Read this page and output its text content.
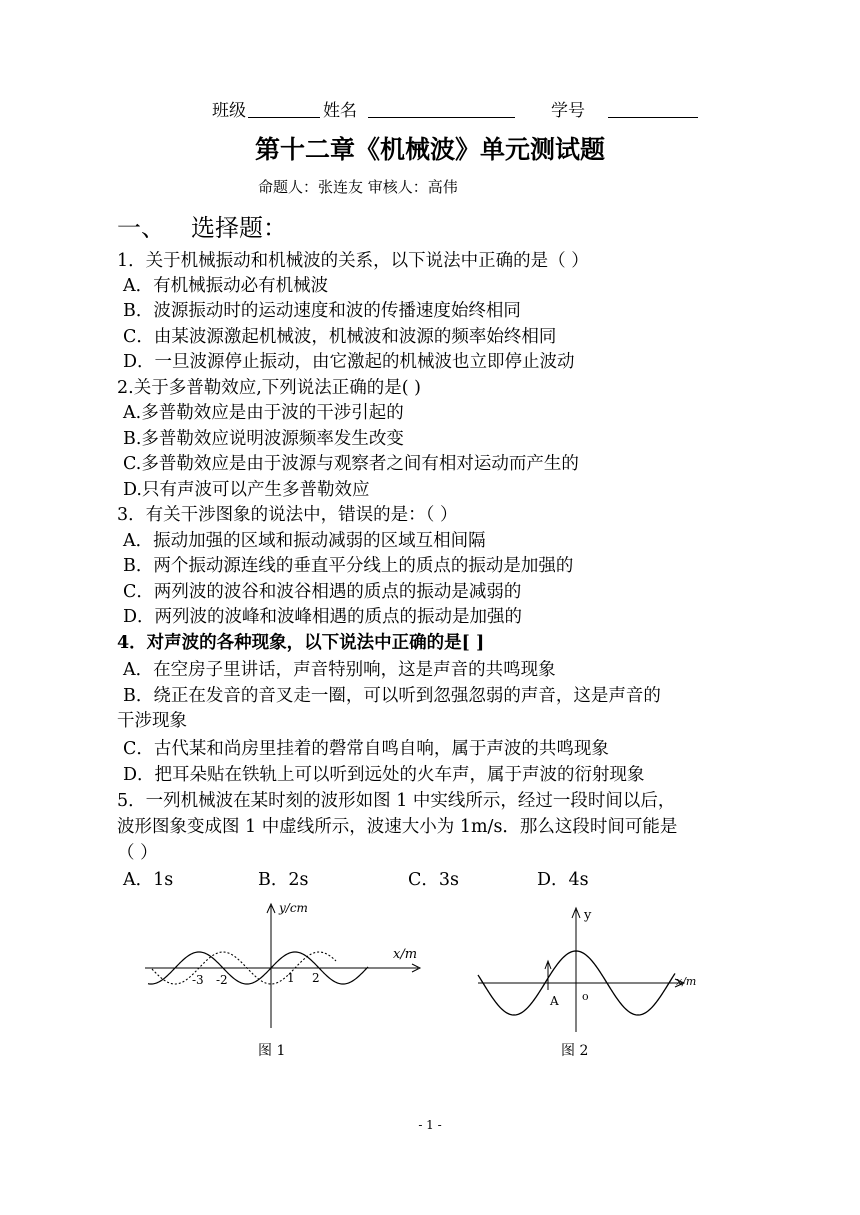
班级	姓名	学号
第十二章《机械波》单元测试题
命题人：张连友 审核人：高伟
一、 选择题：
1．关于机械振动和机械波的关系，以下说法中正确的是（ ）
A．有机械振动必有机械波
B．波源振动时的运动速度和波的传播速度始终相同
C．由某波源激起机械波，机械波和波源的频率始终相同
D．一旦波源停止振动，由它激起的机械波也立即停止波动
2.关于多普勒效应,下列说法正确的是( )
A.多普勒效应是由于波的干涉引起的
B.多普勒效应说明波源频率发生改变
C.多普勒效应是由于波源与观察者之间有相对运动而产生的
D.只有声波可以产生多普勒效应
3．有关干涉图象的说法中，错误的是：（ ）
A．振动加强的区域和振动减弱的区域互相间隔
B．两个振动源连线的垂直平分线上的质点的振动是加强的
C．两列波的波谷和波谷相遇的质点的振动是减弱的
D．两列波的波峰和波峰相遇的质点的振动是加强的
4．对声波的各种现象，以下说法中正确的是[ ]
A．在空房子里讲话，声音特别响，这是声音的共鸣现象
B．绕正在发音的音叉走一圈，可以听到忽强忽弱的声音，这是声音的
干涉现象
C．古代某和尚房里挂着的磬常自鸣自响，属于声波的共鸣现象
D．把耳朵贴在铁轨上可以听到远处的火车声，属于声波的衍射现象
5．一列机械波在某时刻的波形如图 1 中实线所示，经过一段时间以后，
波形图象变成图 1 中虚线所示，波速大小为 1m/s．那么这段时间可能是
（ ）
A．1s	B．2s	C．3s	D．4s
y/cm
x/m
-3 -2	1 2
图 1
y
x/m
A o
图 2
- 1 -
